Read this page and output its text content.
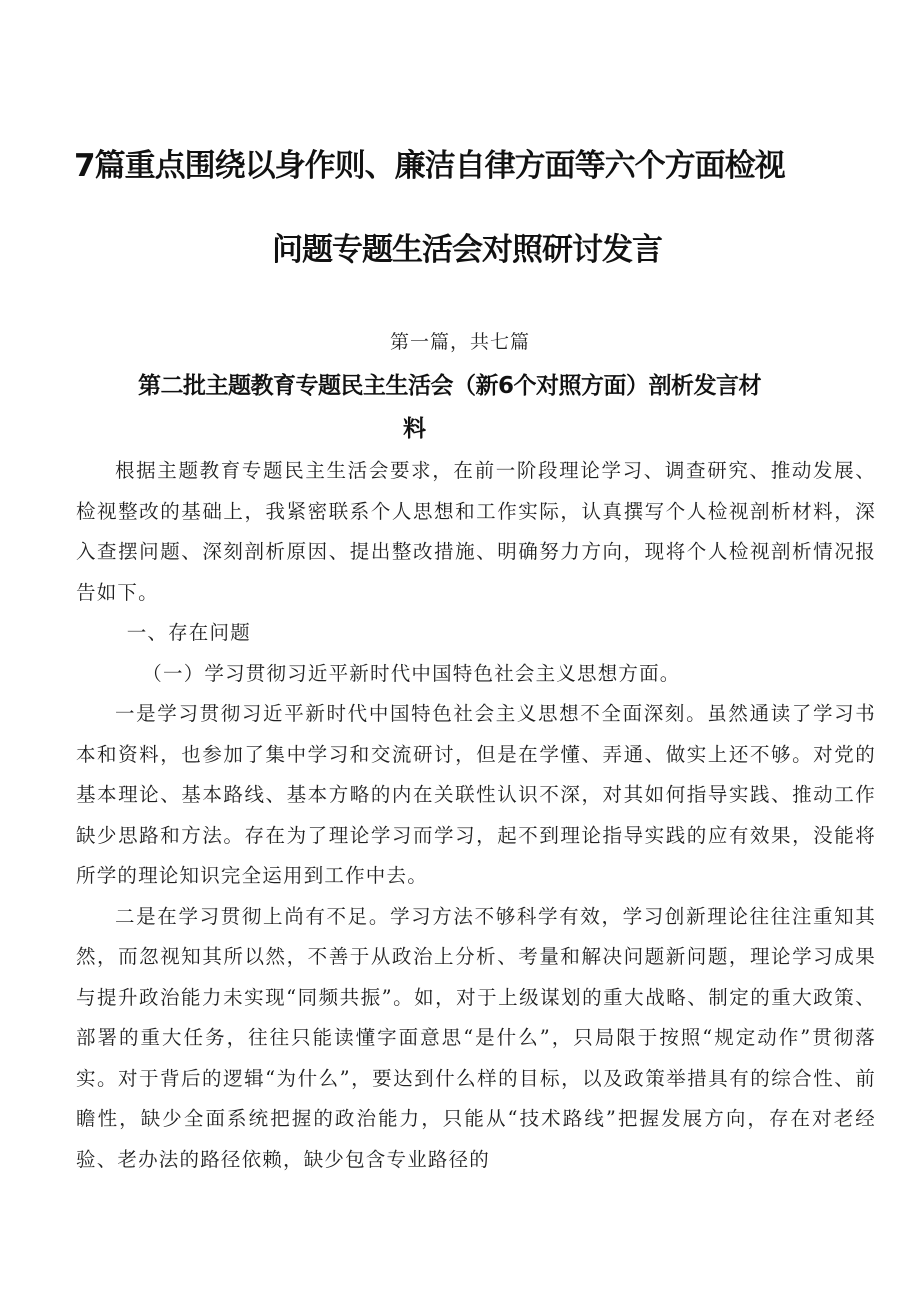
7篇重点围绕以身作则、廉洁自律方面等六个方面检视
问题专题生活会对照研讨发言
第一篇，共七篇
第二批主题教育专题民主生活会（新6个对照方面）剖析发言材
料

根据主题教育专题民主生活会要求，在前一阶段理论学习、调查研究、推动发展、检视整改的基础上，我紧密联系个人思想和工作实际，认真撰写个人检视剖析材料，深入查摆问题、深刻剖析原因、提出整改措施、明确努力方向，现将个人检视剖析情况报告如下。

一、存在问题

（一）学习贯彻习近平新时代中国特色社会主义思想方面。

一是学习贯彻习近平新时代中国特色社会主义思想不全面深刻。虽然通读了学习书本和资料，也参加了集中学习和交流研讨，但是在学懂、弄通、做实上还不够。对党的基本理论、基本路线、基本方略的内在关联性认识不深，对其如何指导实践、推动工作缺少思路和方法。存在为了理论学习而学习，起不到理论指导实践的应有效果，没能将所学的理论知识完全运用到工作中去。

二是在学习贯彻上尚有不足。学习方法不够科学有效，学习创新理论往往注重知其然，而忽视知其所以然，不善于从政治上分析、考量和解决问题新问题，理论学习成果与提升政治能力未实现“同频共振”。如，对于上级谋划的重大战略、制定的重大政策、部署的重大任务，往往只能读懂字面意思“是什么”，只局限于按照“规定动作”贯彻落实。对于背后的逻辑“为什么”，要达到什么样的目标，以及政策举措具有的综合性、前瞻性，缺少全面系统把握的政治能力，只能从“技术路线”把握发展方向，存在对老经验、老办法的路径依赖，缺少包含专业路径的
